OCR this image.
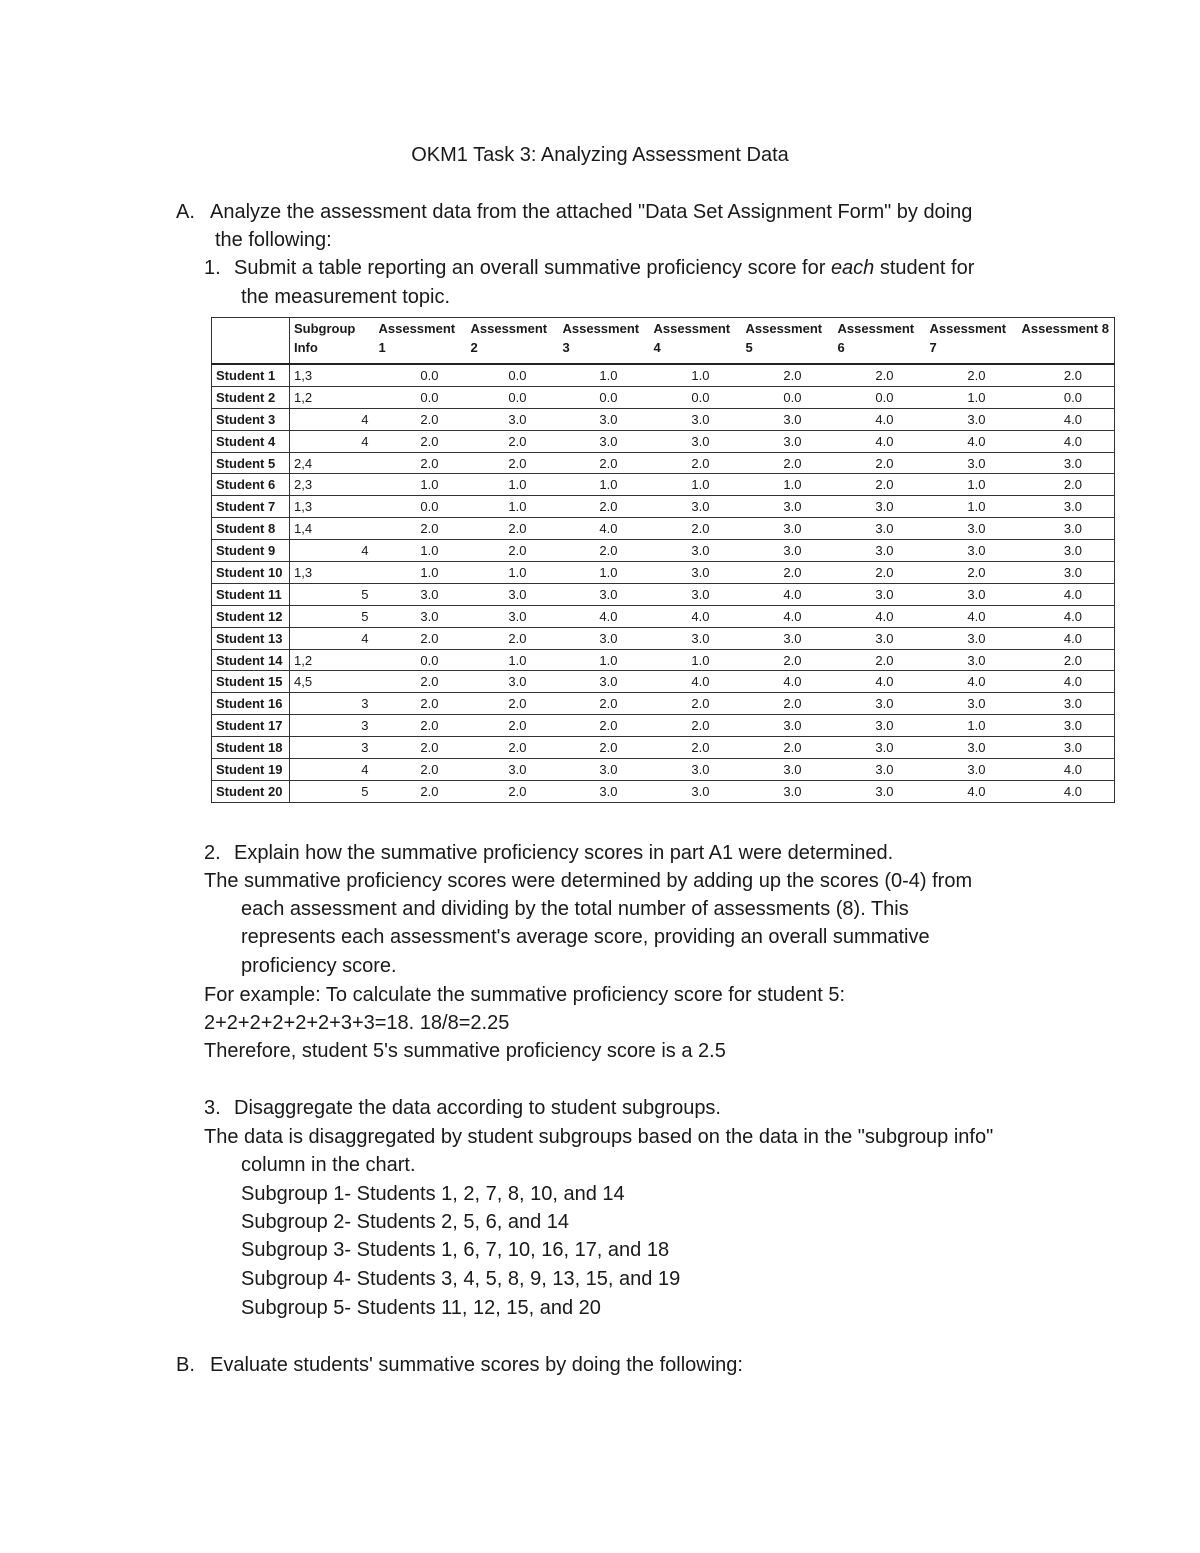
OKM1 Task 3: Analyzing Assessment Data
A. Analyze the assessment data from the attached "Data Set Assignment Form" by doing
the following:
1. Submit a table reporting an overall summative proficiency score for each student for
the measurement topic.
	Subgroup Info	Assessment 1	Assessment 2	Assessment 3	Assessment 4	Assessment 5	Assessment 6	Assessment 7	Assessment 8
Student 1	1,3	0.0	0.0	1.0	1.0	2.0	2.0	2.0	2.0
Student 2	1,2	0.0	0.0	0.0	0.0	0.0	0.0	1.0	0.0
Student 3	4	2.0	3.0	3.0	3.0	3.0	4.0	3.0	4.0
Student 4	4	2.0	2.0	3.0	3.0	3.0	4.0	4.0	4.0
Student 5	2,4	2.0	2.0	2.0	2.0	2.0	2.0	3.0	3.0
Student 6	2,3	1.0	1.0	1.0	1.0	1.0	2.0	1.0	2.0
Student 7	1,3	0.0	1.0	2.0	3.0	3.0	3.0	1.0	3.0
Student 8	1,4	2.0	2.0	4.0	2.0	3.0	3.0	3.0	3.0
Student 9	4	1.0	2.0	2.0	3.0	3.0	3.0	3.0	3.0
Student 10	1,3	1.0	1.0	1.0	3.0	2.0	2.0	2.0	3.0
Student 11	5	3.0	3.0	3.0	3.0	4.0	3.0	3.0	4.0
Student 12	5	3.0	3.0	4.0	4.0	4.0	4.0	4.0	4.0
Student 13	4	2.0	2.0	3.0	3.0	3.0	3.0	3.0	4.0
Student 14	1,2	0.0	1.0	1.0	1.0	2.0	2.0	3.0	2.0
Student 15	4,5	2.0	3.0	3.0	4.0	4.0	4.0	4.0	4.0
Student 16	3	2.0	2.0	2.0	2.0	2.0	3.0	3.0	3.0
Student 17	3	2.0	2.0	2.0	2.0	3.0	3.0	1.0	3.0
Student 18	3	2.0	2.0	2.0	2.0	2.0	3.0	3.0	3.0
Student 19	4	2.0	3.0	3.0	3.0	3.0	3.0	3.0	4.0
Student 20	5	2.0	2.0	3.0	3.0	3.0	3.0	4.0	4.0
2. Explain how the summative proficiency scores in part A1 were determined.
The summative proficiency scores were determined by adding up the scores (0-4) from
each assessment and dividing by the total number of assessments (8). This
represents each assessment's average score, providing an overall summative
proficiency score.
For example: To calculate the summative proficiency score for student 5:
2+2+2+2+2+2+3+3=18. 18/8=2.25
Therefore, student 5's summative proficiency score is a 2.5
3. Disaggregate the data according to student subgroups.
The data is disaggregated by student subgroups based on the data in the "subgroup info"
column in the chart.
Subgroup 1- Students 1, 2, 7, 8, 10, and 14
Subgroup 2- Students 2, 5, 6, and 14
Subgroup 3- Students 1, 6, 7, 10, 16, 17, and 18
Subgroup 4- Students 3, 4, 5, 8, 9, 13, 15, and 19
Subgroup 5- Students 11, 12, 15, and 20
B. Evaluate students' summative scores by doing the following:
